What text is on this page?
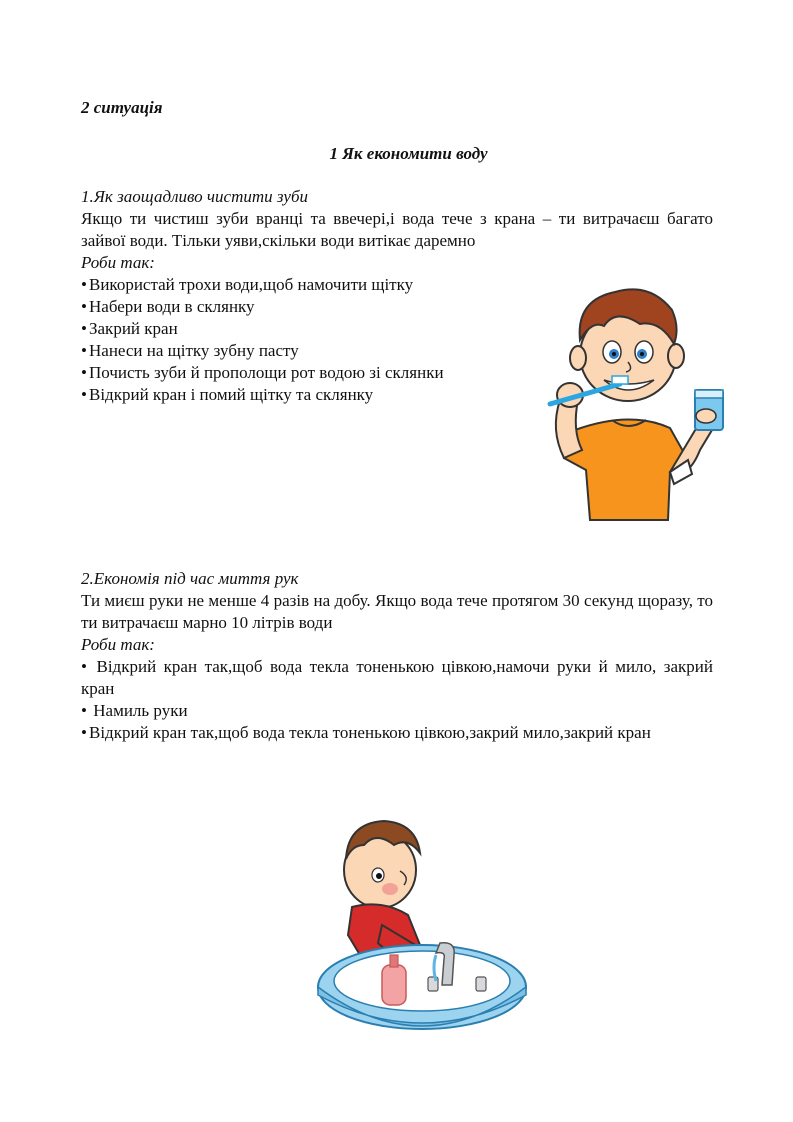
2 ситуація
1 Як економити воду
1.Як заощадливо чистити зуби
Якщо ти чистиш зуби вранці та ввечері,і вода тече з крана – ти витрачаєш багато зайвої води. Тільки уяви,скільки води витікає даремно
Роби так:
• Використай трохи води,щоб намочити щітку
• Набери води в склянку
• Закрий кран
• Нанеси на щітку зубну пасту
• Почисть зуби й прополощи рот водою зі склянки
• Відкрий кран і помий щітку та склянку
2.Економія під час миття рук
Ти миєш руки не менше 4 разів на добу. Якщо вода тече протягом 30 секунд щоразу, то ти витрачаєш марно 10 літрів води
Роби так:
• Відкрий кран так,щоб вода текла тоненькою цівкою,намочи руки й мило, закрий кран
• Намиль руки
• Відкрий кран так,щоб вода текла тоненькою цівкою,закрий мило,закрий кран
